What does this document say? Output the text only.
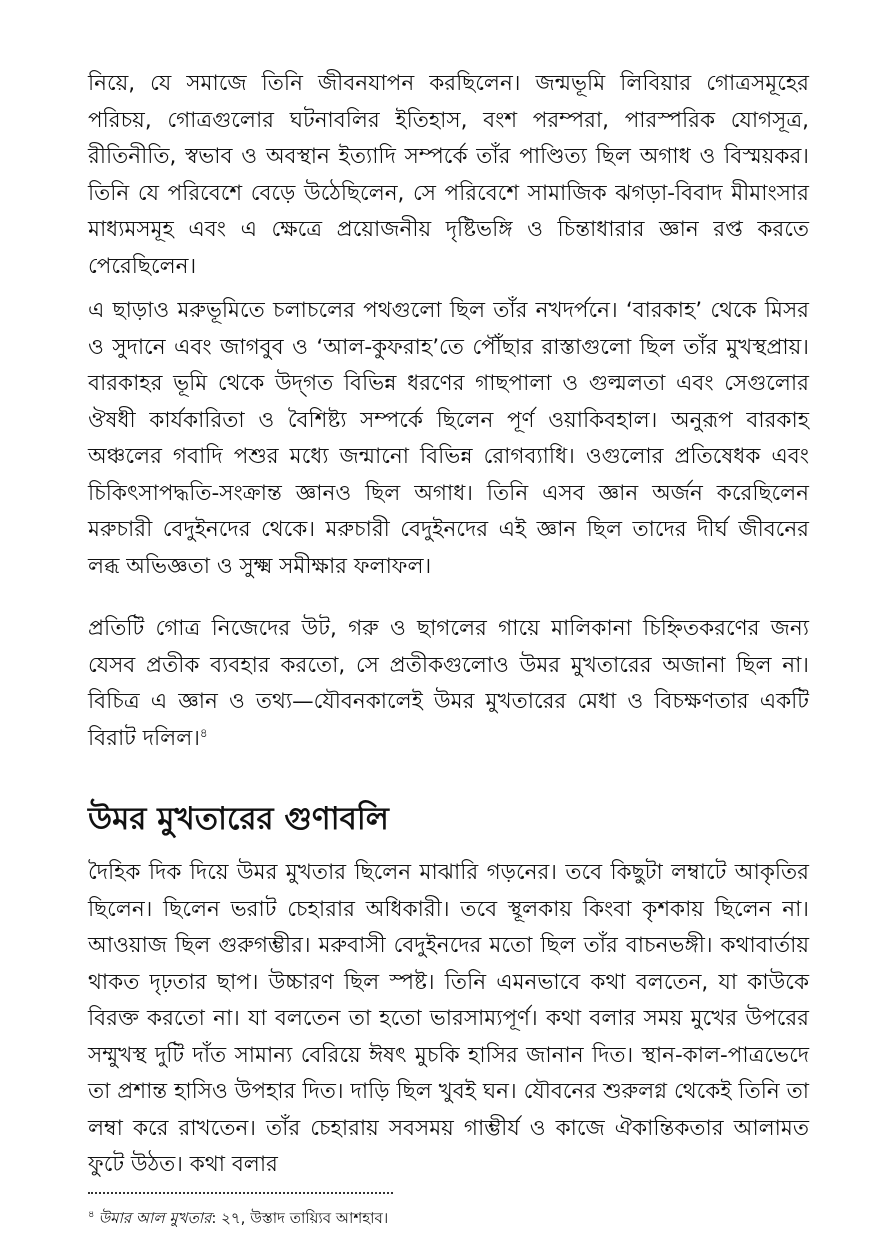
নিয়ে, যে সমাজে তিনি জীবনযাপন করছিলেন। জন্মভূমি লিবিয়ার গোত্রসমূহের পরিচয়, গোত্রগুলোর ঘটনাবলির ইতিহাস, বংশ পরম্পরা, পারস্পরিক যোগসূত্র, রীতিনীতি, স্বভাব ও অবস্থান ইত্যাদি সম্পর্কে তাঁর পাণ্ডিত্য ছিল অগাধ ও বিস্ময়কর। তিনি যে পরিবেশে বেড়ে উঠেছিলেন, সে পরিবেশে সামাজিক ঝগড়া-বিবাদ মীমাংসার মাধ্যমসমূহ এবং এ ক্ষেত্রে প্রয়োজনীয় দৃষ্টিভঙ্গি ও চিন্তাধারার জ্ঞান রপ্ত করতে পেরেছিলেন।

এ ছাড়াও মরুভূমিতে চলাচলের পথগুলো ছিল তাঁর নখদর্পনে। ‘বারকাহ’ থেকে মিসর ও সুদানে এবং জাগবুব ও ‘আল-কুফরাহ’তে পৌঁছার রাস্তাগুলো ছিল তাঁর মুখস্থপ্রায়। বারকাহর ভূমি থেকে উদ্‌গত বিভিন্ন ধরণের গাছপালা ও গুল্মলতা এবং সেগুলোর ঔষধী কার্যকারিতা ও বৈশিষ্ট্য সম্পর্কে ছিলেন পূর্ণ ওয়াকিবহাল। অনুরূপ বারকাহ অঞ্চলের গবাদি পশুর মধ্যে জন্মানো বিভিন্ন রোগব্যাধি। ওগুলোর প্রতিষেধক এবং চিকিৎসাপদ্ধতি-সংক্রান্ত জ্ঞানও ছিল অগাধ। তিনি এসব জ্ঞান অর্জন করেছিলেন মরুচারী বেদুইনদের থেকে। মরুচারী বেদুইনদের এই জ্ঞান ছিল তাদের দীর্ঘ জীবনের লব্ধ অভিজ্ঞতা ও সুক্ষ্ম সমীক্ষার ফলাফল।

প্রতিটি গোত্র নিজেদের উট, গরু ও ছাগলের গায়ে মালিকানা চিহ্নিতকরণের জন্য যেসব প্রতীক ব্যবহার করতো, সে প্রতীকগুলোও উমর মুখতারের অজানা ছিল না। বিচিত্র এ জ্ঞান ও তথ্য—যৌবনকালেই উমর মুখতারের মেধা ও বিচক্ষণতার একটি বিরাট দলিল।$^৪$

উমর মুখতারের গুণাবলি

দৈহিক দিক দিয়ে উমর মুখতার ছিলেন মাঝারি গড়নের। তবে কিছুটা লম্বাটে আকৃতির ছিলেন। ছিলেন ভরাট চেহারার অধিকারী। তবে স্থূলকায় কিংবা কৃশকায় ছিলেন না। আওয়াজ ছিল গুরুগম্ভীর। মরুবাসী বেদুইনদের মতো ছিল তাঁর বাচনভঙ্গী। কথাবার্তায় থাকত দৃঢ়তার ছাপ। উচ্চারণ ছিল স্পষ্ট। তিনি এমনভাবে কথা বলতেন, যা কাউকে বিরক্ত করতো না। যা বলতেন তা হতো ভারসাম্যপূর্ণ। কথা বলার সময় মুখের উপরের সম্মুখস্থ দুটি দাঁত সামান্য বেরিয়ে ঈষৎ মুচকি হাসির জানান দিত। স্থান-কাল-পাত্রভেদে তা প্রশান্ত হাসিও উপহার দিত। দাড়ি ছিল খুবই ঘন। যৌবনের শুরুলগ্ন থেকেই তিনি তা লম্বা করে রাখতেন। তাঁর চেহারায় সবসময় গাম্ভীর্য ও কাজে ঐকান্তিকতার আলামত ফুটে উঠত। কথা বলার

$^৪$ উমার আল মুখতার: ২৭, উস্তাদ তায়্যিব আশহাব।
